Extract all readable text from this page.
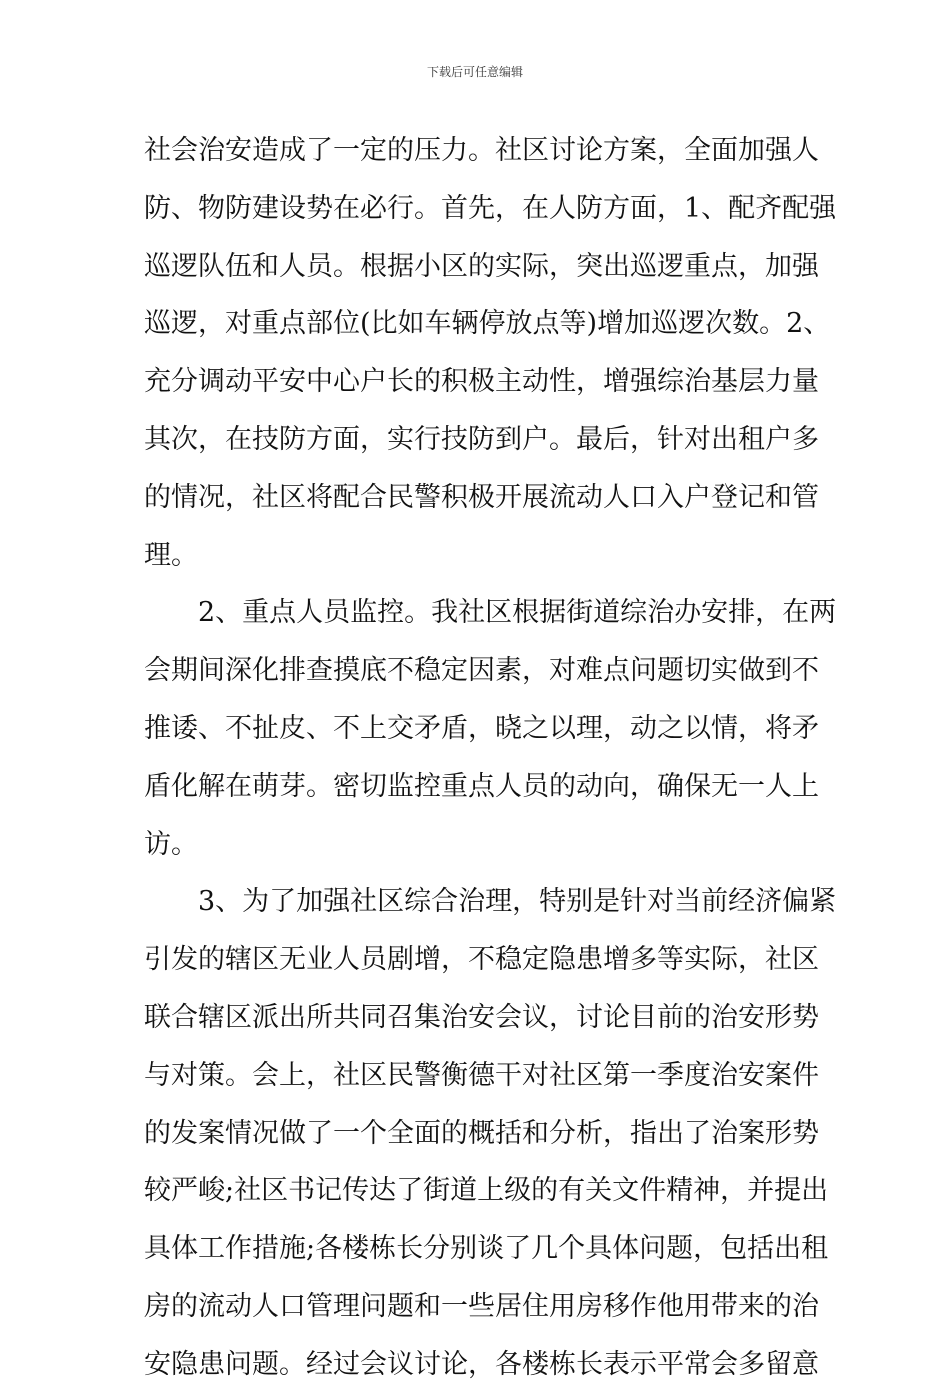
下载后可任意编辑
社会治安造成了一定的压力。社区讨论方案，全面加强人
防、物防建设势在必行。首先，在人防方面，1、配齐配强
巡逻队伍和人员。根据小区的实际，突出巡逻重点，加强
巡逻，对重点部位(比如车辆停放点等)增加巡逻次数。2、
充分调动平安中心户长的积极主动性，增强综治基层力量
其次，在技防方面，实行技防到户。最后，针对出租户多
的情况，社区将配合民警积极开展流动人口入户登记和管
理。
2、重点人员监控。我社区根据街道综治办安排，在两
会期间深化排查摸底不稳定因素，对难点问题切实做到不
推诿、不扯皮、不上交矛盾，晓之以理，动之以情，将矛
盾化解在萌芽。密切监控重点人员的动向，确保无一人上
访。
3、为了加强社区综合治理，特别是针对当前经济偏紧
引发的辖区无业人员剧增，不稳定隐患增多等实际，社区
联合辖区派出所共同召集治安会议，讨论目前的治安形势
与对策。会上，社区民警衡德干对社区第一季度治安案件
的发案情况做了一个全面的概括和分析，指出了治案形势
较严峻;社区书记传达了街道上级的有关文件精神，并提出
具体工作措施;各楼栋长分别谈了几个具体问题，包括出租
房的流动人口管理问题和一些居住用房移作他用带来的治
安隐患问题。经过会议讨论，各楼栋长表示平常会多留意
